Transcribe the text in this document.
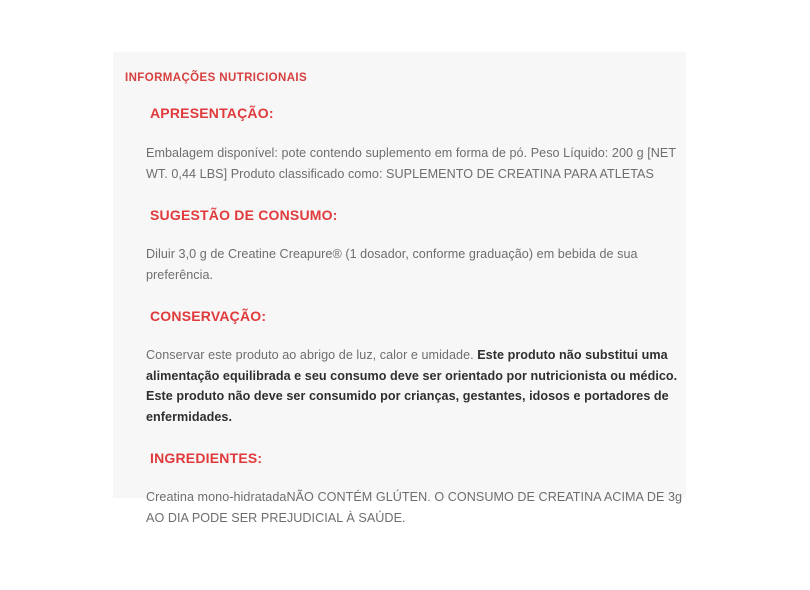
INFORMAÇÕES NUTRICIONAIS
APRESENTAÇÃO:
Embalagem disponível: pote contendo suplemento em forma de pó. Peso Líquido: 200 g [NET WT. 0,44 LBS] Produto classificado como: SUPLEMENTO DE CREATINA PARA ATLETAS
SUGESTÃO DE CONSUMO:
Diluir 3,0 g de Creatine Creapure® (1 dosador, conforme graduação) em bebida de sua preferência.
CONSERVAÇÃO:
Conservar este produto ao abrigo de luz, calor e umidade. Este produto não substitui uma alimentação equilibrada e seu consumo deve ser orientado por nutricionista ou médico. Este produto não deve ser consumido por crianças, gestantes, idosos e portadores de enfermidades.
INGREDIENTES:
Creatina mono-hidratadaNÃO CONTÉM GLÚTEN. O CONSUMO DE CREATINA ACIMA DE 3g AO DIA PODE SER PREJUDICIAL À SAÚDE.
